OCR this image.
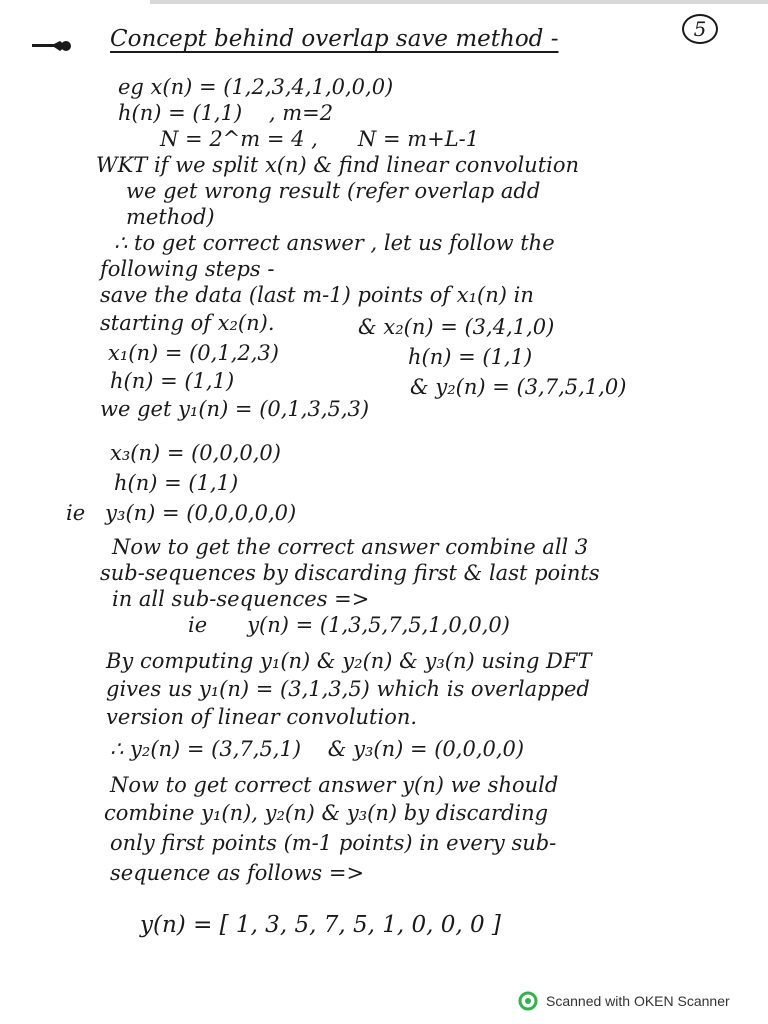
Concept behind overlap save method -	5
eg x(n) = (1,2,3,4,1,0,0,0)
h(n) = (1,1)    , m=2
N = 2^m = 4 ,      N = m+L-1
WKT if we split x(n) & find linear convolution
we get wrong result (refer overlap add
method)
∴ to get correct answer , let us follow the
following steps -
save the data (last m-1) points of x₁(n) in
starting of x₂(n).
x₁(n) = (0,1,2,3)
& x₂(n) = (3,4,1,0)
h(n) = (1,1)
h(n) = (1,1)
we get y₁(n) = (0,1,3,5,3)
& y₂(n) = (3,7,5,1,0)
x₃(n) = (0,0,0,0)
h(n) = (1,1)
ie   y₃(n) = (0,0,0,0,0)
Now to get the correct answer combine all 3
sub-sequences by discarding first & last points
in all sub-sequences =>
ie      y(n) = (1,3,5,7,5,1,0,0,0)
By computing y₁(n) & y₂(n) & y₃(n) using DFT
gives us y₁(n) = (3,1,3,5) which is overlapped
version of linear convolution.
∴ y₂(n) = (3,7,5,1)    & y₃(n) = (0,0,0,0)
Now to get correct answer y(n) we should
combine y₁(n), y₂(n) & y₃(n) by discarding
only first points (m-1 points) in every sub-
sequence as follows =>
y(n) = [ 1, 3, 5, 7, 5, 1, 0, 0, 0 ]
Scanned with OKEN Scanner
